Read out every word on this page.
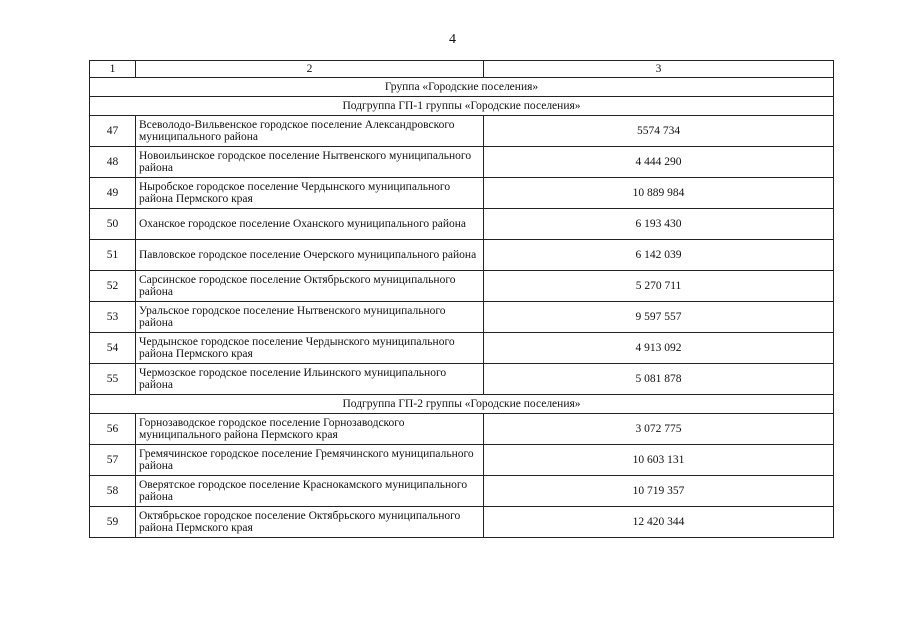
4
1	2	3
Группа «Городские поселения»		
Подгруппа ГП-1 группы «Городские поселения»		
47	Всеволодо-Вильвенское городское поселение Александровского муниципального района	5574 734
48	Новоильинское городское поселение Нытвенского муниципального района	4 444 290
49	Ныробское городское поселение Чердынского муниципального района Пермского края	10 889 984
50	Оханское городское поселение Оханского муниципального района	6 193 430
51	Павловское городское поселение Очерского муниципального района	6 142 039
52	Сарсинское городское поселение Октябрьского муниципального района	5 270 711
53	Уральское городское поселение Нытвенского муниципального района	9 597 557
54	Чердынское городское поселение Чердынского муниципального района Пермского края	4 913 092
55	Чермозское городское поселение Ильинского муниципального района	5 081 878
Подгруппа ГП-2 группы «Городские поселения»		
56	Горнозаводское городское поселение Горнозаводского муниципального района Пермского края	3 072 775
57	Гремячинское городское поселение Гремячинского муниципального района	10 603 131
58	Оверятское городское поселение Краснокамского муниципального района	10 719 357
59	Октябрьское городское поселение Октябрьского муниципального района Пермского края	12 420 344
